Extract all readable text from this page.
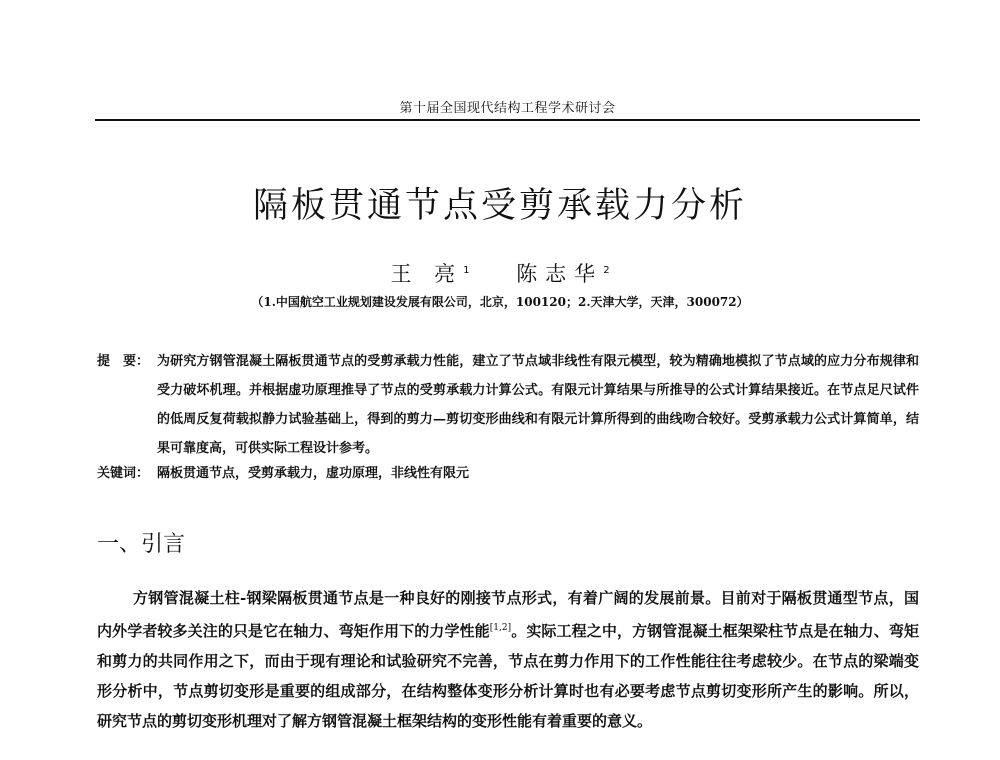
第十届全国现代结构工程学术研讨会
隔板贯通节点受剪承载力分析
王 亮$^1$ 陈志华$^2$
（1.中国航空工业规划建设发展有限公司，北京，100120；2.天津大学，天津，300072）
提　要： 为研究方钢管混凝土隔板贯通节点的受剪承载力性能，建立了节点域非线性有限元模型，较为精确地模拟了节点域的应力分布规律和受力破坏机理。并根据虚功原理推导了节点的受剪承载力计算公式。有限元计算结果与所推导的公式计算结果接近。在节点足尺试件的低周反复荷载拟静力试验基础上，得到的剪力—剪切变形曲线和有限元计算所得到的曲线吻合较好。受剪承载力公式计算简单，结果可靠度高，可供实际工程设计参考。
关键词： 隔板贯通节点，受剪承载力，虚功原理，非线性有限元
一、引言

方钢管混凝土柱-钢梁隔板贯通节点是一种良好的刚接节点形式，有着广阔的发展前景。目前对于隔板贯通型节点，国内外学者较多关注的只是它在轴力、弯矩作用下的力学性能[1,2]。实际工程之中，方钢管混凝土框架梁柱节点是在轴力、弯矩和剪力的共同作用之下，而由于现有理论和试验研究不完善，节点在剪力作用下的工作性能往往考虑较少。在节点的梁端变形分析中，节点剪切变形是重要的组成部分，在结构整体变形分析计算时也有必要考虑节点剪切变形所产生的影响。所以，研究节点的剪切变形机理对了解方钢管混凝土框架结构的变形性能有着重要的意义。
